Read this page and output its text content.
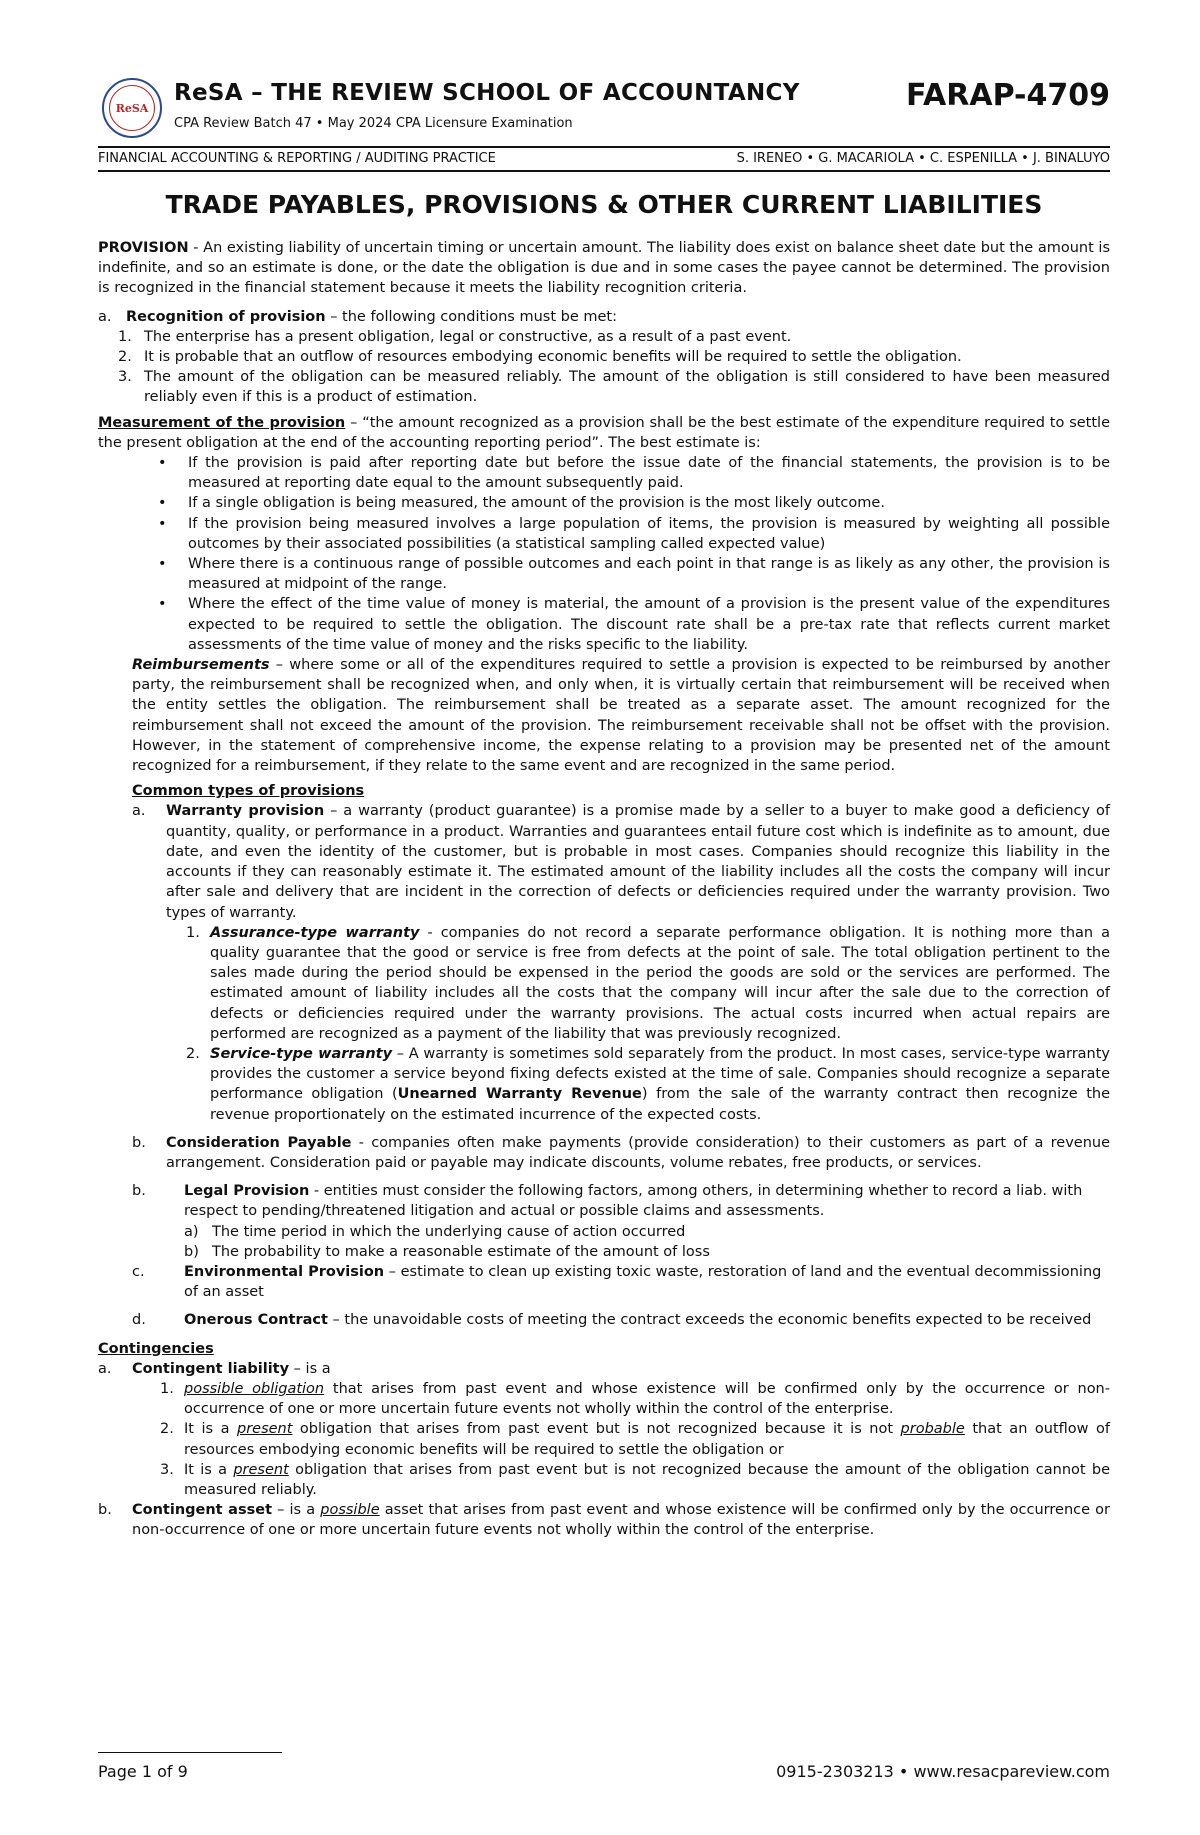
ReSA
ReSA – THE REVIEW SCHOOL OF ACCOUNTANCY
CPA Review Batch 47 • May 2024 CPA Licensure Examination
FARAP-4709
FINANCIAL ACCOUNTING & REPORTING / AUDITING PRACTICE	S. IRENEO • G. MACARIOLA • C. ESPENILLA • J. BINALUYO
TRADE PAYABLES, PROVISIONS & OTHER CURRENT LIABILITIES
PROVISION - An existing liability of uncertain timing or uncertain amount. The liability does exist on balance sheet date but the amount is indefinite, and so an estimate is done, or the date the obligation is due and in some cases the payee cannot be determined. The provision is recognized in the financial statement because it meets the liability recognition criteria.
a.	Recognition of provision – the following conditions must be met:
1. The enterprise has a present obligation, legal or constructive, as a result of a past event.
2. It is probable that an outflow of resources embodying economic benefits will be required to settle the obligation.
3. The amount of the obligation can be measured reliably. The amount of the obligation is still considered to have been measured reliably even if this is a product of estimation.

Measurement of the provision – “the amount recognized as a provision shall be the best estimate of the expenditure required to settle the present obligation at the end of the accounting reporting period”. The best estimate is:

•	If the provision is paid after reporting date but before the issue date of the financial statements, the provision is to be measured at reporting date equal to the amount subsequently paid.
•	If a single obligation is being measured, the amount of the provision is the most likely outcome.
•	If the provision being measured involves a large population of items, the provision is measured by weighting all possible outcomes by their associated possibilities (a statistical sampling called expected value)
•	Where there is a continuous range of possible outcomes and each point in that range is as likely as any other, the provision is measured at midpoint of the range.
•	Where the effect of the time value of money is material, the amount of a provision is the present value of the expenditures expected to be required to settle the obligation. The discount rate shall be a pre-tax rate that reflects current market assessments of the time value of money and the risks specific to the liability.

Reimbursements – where some or all of the expenditures required to settle a provision is expected to be reimbursed by another party, the reimbursement shall be recognized when, and only when, it is virtually certain that reimbursement will be received when the entity settles the obligation. The reimbursement shall be treated as a separate asset. The amount recognized for the reimbursement shall not exceed the amount of the provision. The reimbursement receivable shall not be offset with the provision. However, in the statement of comprehensive income, the expense relating to a provision may be presented net of the amount recognized for a reimbursement, if they relate to the same event and are recognized in the same period.

Common types of provisions

a.	Warranty provision – a warranty (product guarantee) is a promise made by a seller to a buyer to make good a deficiency of quantity, quality, or performance in a product. Warranties and guarantees entail future cost which is indefinite as to amount, due date, and even the identity of the customer, but is probable in most cases. Companies should recognize this liability in the accounts if they can reasonably estimate it. The estimated amount of the liability includes all the costs the company will incur after sale and delivery that are incident in the correction of defects or deficiencies required under the warranty provision. Two types of warranty.
1. Assurance-type warranty - companies do not record a separate performance obligation. It is nothing more than a quality guarantee that the good or service is free from defects at the point of sale. The total obligation pertinent to the sales made during the period should be expensed in the period the goods are sold or the services are performed. The estimated amount of liability includes all the costs that the company will incur after the sale due to the correction of defects or deficiencies required under the warranty provisions. The actual costs incurred when actual repairs are performed are recognized as a payment of the liability that was previously recognized.
2. Service-type warranty – A warranty is sometimes sold separately from the product. In most cases, service-type warranty provides the customer a service beyond fixing defects existed at the time of sale. Companies should recognize a separate performance obligation (Unearned Warranty Revenue) from the sale of the warranty contract then recognize the revenue proportionately on the estimated incurrence of the expected costs.
b.	Consideration Payable - companies often make payments (provide consideration) to their customers as part of a revenue arrangement. Consideration paid or payable may indicate discounts, volume rebates, free products, or services.
b.	Legal Provision - entities must consider the following factors, among others, in determining whether to record a liab. with respect to pending/threatened litigation and actual or possible claims and assessments.
a) The time period in which the underlying cause of action occurred
b) The probability to make a reasonable estimate of the amount of loss
c.	Environmental Provision – estimate to clean up existing toxic waste, restoration of land and the eventual decommissioning of an asset
d.	Onerous Contract – the unavoidable costs of meeting the contract exceeds the economic benefits expected to be received

Contingencies

a.	Contingent liability – is a
1. possible obligation that arises from past event and whose existence will be confirmed only by the occurrence or non-occurrence of one or more uncertain future events not wholly within the control of the enterprise.
2. It is a present obligation that arises from past event but is not recognized because it is not probable that an outflow of resources embodying economic benefits will be required to settle the obligation or
3. It is a present obligation that arises from past event but is not recognized because the amount of the obligation cannot be measured reliably.
b.	Contingent asset – is a possible asset that arises from past event and whose existence will be confirmed only by the occurrence or non-occurrence of one or more uncertain future events not wholly within the control of the enterprise.
Page 1 of 9	0915-2303213 • www.resacpareview.com
